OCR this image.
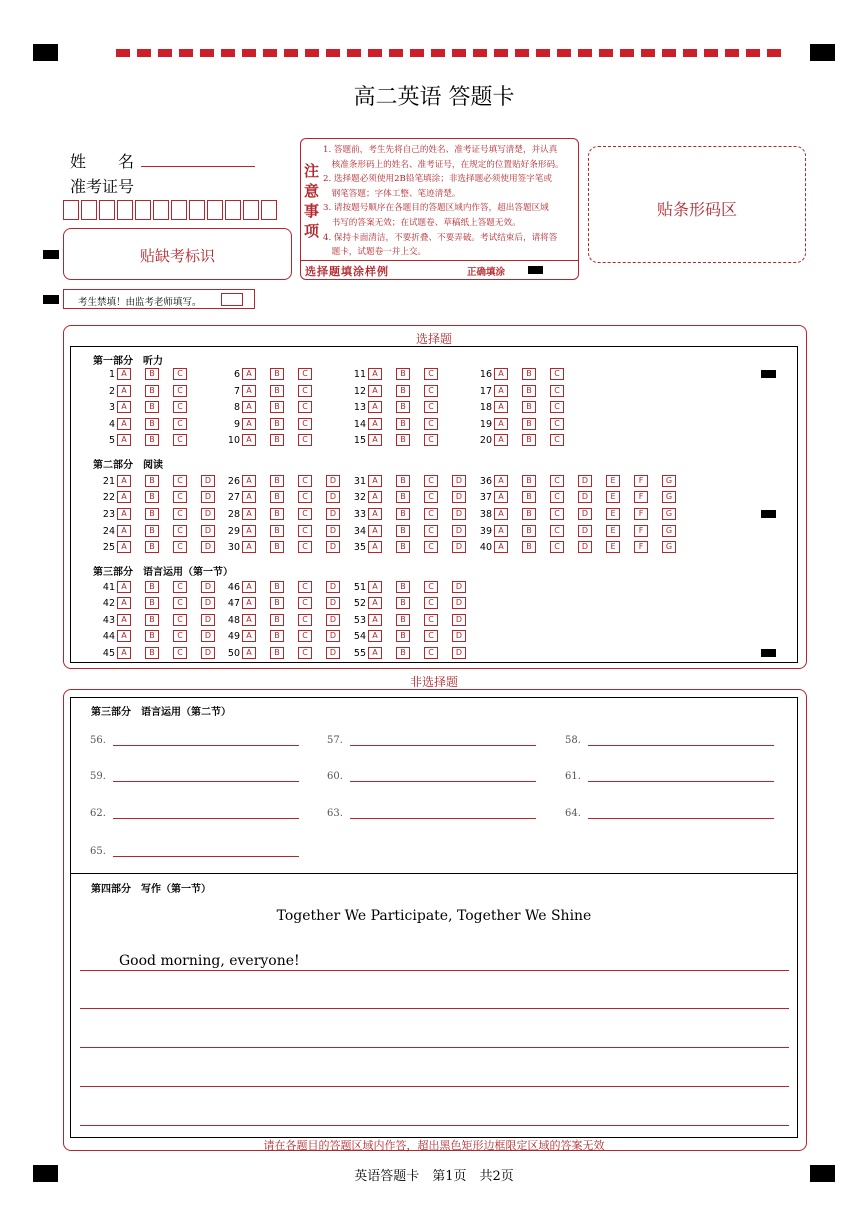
高二英语 答题卡
姓　　名
准考证号
贴缺考标识
考生禁填！由监考老师填写。
注意事项
1. 答题前，考生先将自己的姓名、准考证号填写清楚，并认真
　核准条形码上的姓名、准考证号，在规定的位置贴好条形码。
2. 选择题必须使用2B铅笔填涂；非选择题必须使用签字笔或
　钢笔答题；字体工整、笔迹清楚。
3. 请按题号顺序在各题目的答题区域内作答，超出答题区域
　书写的答案无效；在试题卷、草稿纸上答题无效。
4. 保持卡面清洁，不要折叠、不要弄破。考试结束后，请将答
　题卡，试题卷一并上交。
选择题填涂样例	正确填涂
贴条形码区
选择题
第一部分　听力
第二部分　阅读
第三部分　语言运用（第一节）
1 A	B	C
2 A	B	C
3 A	B	C
4 A	B	C
5 A	B	C
6 A	B	C
7 A	B	C
8 A	B	C
9 A	B	C
10 A	B	C
11 A	B	C
12 A	B	C
13 A	B	C
14 A	B	C
15 A	B	C
16 A	B	C
17 A	B	C
18 A	B	C
19 A	B	C
20 A	B	C
21 A	B	C	D
22 A	B	C	D
23 A	B	C	D
24 A	B	C	D
25 A	B	C	D
26 A	B	C	D
27 A	B	C	D
28 A	B	C	D
29 A	B	C	D
30 A	B	C	D
31 A	B	C	D
32 A	B	C	D
33 A	B	C	D
34 A	B	C	D
35 A	B	C	D
36 A	B	C	D	E	F	G
37 A	B	C	D	E	F	G
38 A	B	C	D	E	F	G
39 A	B	C	D	E	F	G
40 A	B	C	D	E	F	G
41 A	B	C	D
42 A	B	C	D
43 A	B	C	D
44 A	B	C	D
45 A	B	C	D
46 A	B	C	D
47 A	B	C	D
48 A	B	C	D
49 A	B	C	D
50 A	B	C	D
51 A	B	C	D
52 A	B	C	D
53 A	B	C	D
54 A	B	C	D
55 A	B	C	D
非选择题
第三部分　语言运用（第二节）
56.	57.	58.
59.	60.	61.
62.	63.	64.
65.
第四部分　写作（第一节）
Together We Participate, Together We Shine
Good morning, everyone!
请在各题目的答题区域内作答，超出黑色矩形边框限定区域的答案无效
英语答题卡　第1页　共2页
